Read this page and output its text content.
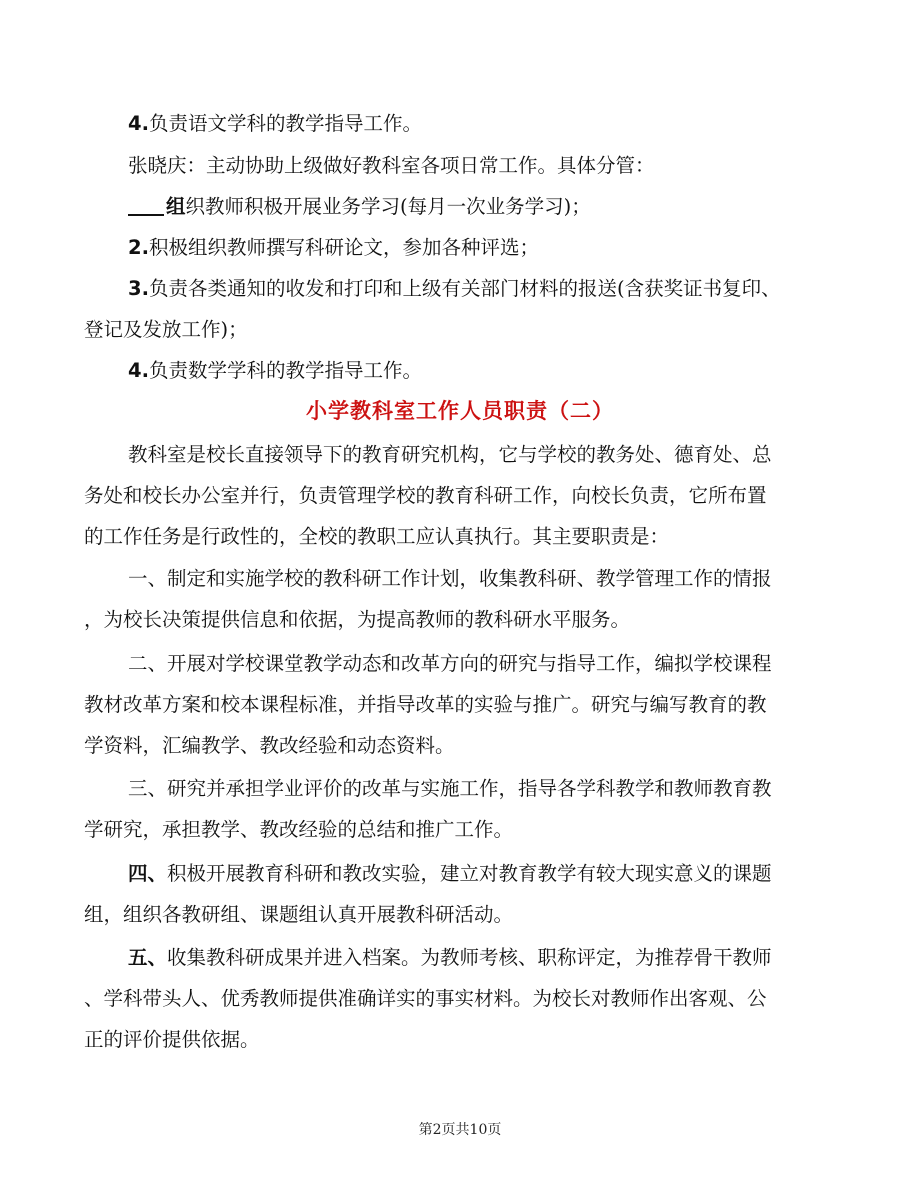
4.负责语文学科的教学指导工作。
张晓庆：主动协助上级做好教科室各项日常工作。具体分管：
组织教师积极开展业务学习(每月一次业务学习)；
2.积极组织教师撰写科研论文，参加各种评选；
3.负责各类通知的收发和打印和上级有关部门材料的报送(含获奖证书复印、
登记及发放工作)；
4.负责数学学科的教学指导工作。
小学教科室工作人员职责（二）
教科室是校长直接领导下的教育研究机构，它与学校的教务处、德育处、总
务处和校长办公室并行，负责管理学校的教育科研工作，向校长负责，它所布置
的工作任务是行政性的，全校的教职工应认真执行。其主要职责是：
一、制定和实施学校的教科研工作计划，收集教科研、教学管理工作的情报
，为校长决策提供信息和依据，为提高教师的教科研水平服务。
二、开展对学校课堂教学动态和改革方向的研究与指导工作，编拟学校课程
教材改革方案和校本课程标准，并指导改革的实验与推广。研究与编写教育的教
学资料，汇编教学、教改经验和动态资料。
三、研究并承担学业评价的改革与实施工作，指导各学科教学和教师教育教
学研究，承担教学、教改经验的总结和推广工作。
四、积极开展教育科研和教改实验，建立对教育教学有较大现实意义的课题
组，组织各教研组、课题组认真开展教科研活动。
五、收集教科研成果并进入档案。为教师考核、职称评定，为推荐骨干教师
、学科带头人、优秀教师提供准确详实的事实材料。为校长对教师作出客观、公
正的评价提供依据。
第2页共10页
